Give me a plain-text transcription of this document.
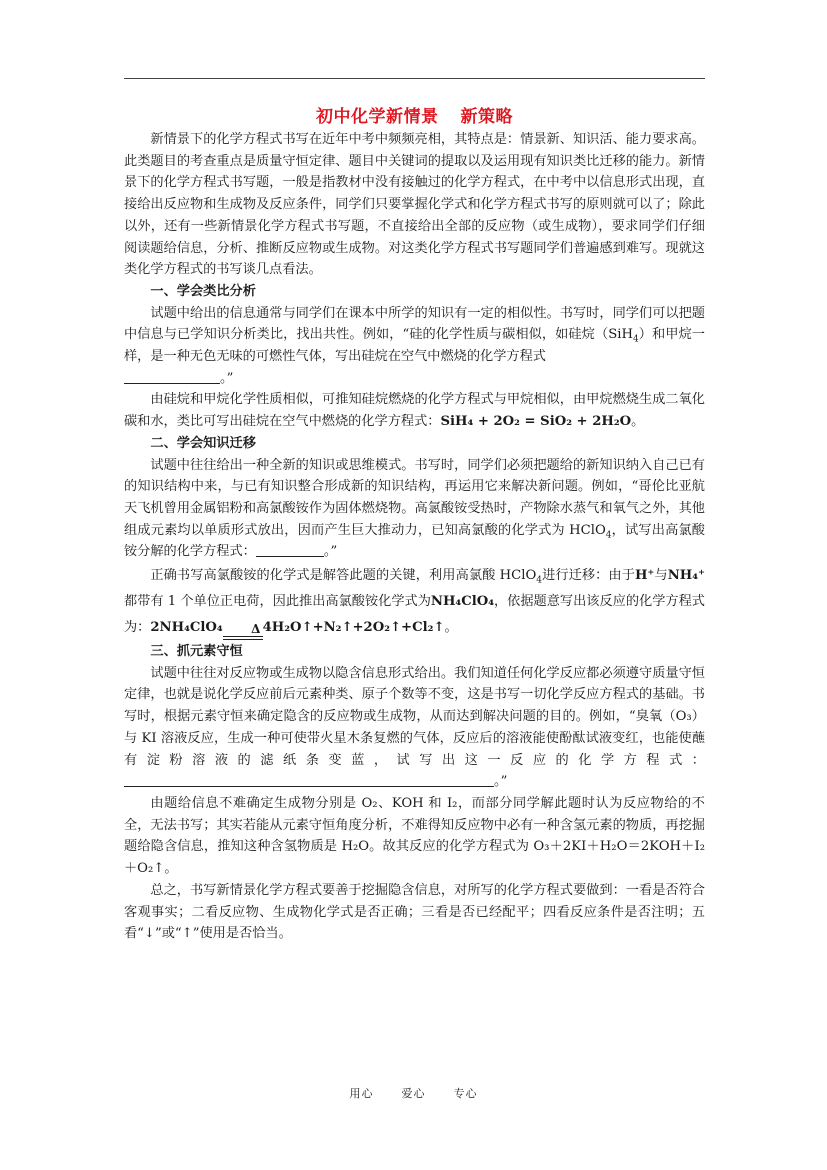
初中化学新情景 新策略

新情景下的化学方程式书写在近年中考中频频亮相，其特点是：情景新、知识活、能力要求高。此类题目的考查重点是质量守恒定律、题目中关键词的提取以及运用现有知识类比迁移的能力。新情景下的化学方程式书写题，一般是指教材中没有接触过的化学方程式，在中考中以信息形式出现，直接给出反应物和生成物及反应条件，同学们只要掌握化学式和化学方程式书写的原则就可以了；除此以外，还有一些新情景化学方程式书写题，不直接给出全部的反应物（或生成物），要求同学们仔细阅读题给信息，分析、推断反应物或生成物。对这类化学方程式书写题同学们普遍感到难写。现就这类化学方程式的书写谈几点看法。

一、学会类比分析

试题中给出的信息通常与同学们在课本中所学的知识有一定的相似性。书写时，同学们可以把题中信息与已学知识分析类比，找出共性。例如，“硅的化学性质与碳相似，如硅烷（SiH$_4$）和甲烷一样，是一种无色无味的可燃性气体，写出硅烷在空气中燃烧的化学方程式
。”

由硅烷和甲烷化学性质相似，可推知硅烷燃烧的化学方程式与甲烷相似，由甲烷燃烧生成二氧化碳和水，类比可写出硅烷在空气中燃烧的化学方程式：SiH₄ + 2O₂ = SiO₂ + 2H₂O。

二、学会知识迁移

试题中往往给出一种全新的知识或思维模式。书写时，同学们必须把题给的新知识纳入自己已有的知识结构中来，与已有知识整合形成新的知识结构，再运用它来解决新问题。例如，“哥伦比亚航天飞机曾用金属铝粉和高氯酸铵作为固体燃烧物。高氯酸铵受热时，产物除水蒸气和氧气之外，其他组成元素均以单质形式放出，因而产生巨大推动力，已知高氯酸的化学式为 HClO$_4$，试写出高氯酸铵分解的化学方程式：	。”

正确书写高氯酸铵的化学式是解答此题的关键，利用高氯酸 HClO$_4$进行迁移：由于H⁺与NH₄⁺都带有 1 个单位正电荷，因此推出高氯酸铵化学式为NH₄ClO₄，依据题意写出该反应的化学方程式为：2NH₄ClO₄	Δ 4H₂O↑+N₂↑+2O₂↑+Cl₂↑。

三、抓元素守恒

试题中往往对反应物或生成物以隐含信息形式给出。我们知道任何化学反应都必须遵守质量守恒定律，也就是说化学反应前后元素种类、原子个数等不变，这是书写一切化学反应方程式的基础。书写时，根据元素守恒来确定隐含的反应物或生成物，从而达到解决问题的目的。例如，“臭氧（O₃）与 KI 溶液反应，生成一种可使带火星木条复燃的气体，反应后的溶液能使酚酞试液变红，也能使蘸有淀粉溶液的滤纸条变蓝，试写出这一反应的化学方程式：。”

由题给信息不难确定生成物分别是 O₂、KOH 和 I₂，而部分同学解此题时认为反应物给的不全，无法书写；其实若能从元素守恒角度分析，不难得知反应物中必有一种含氢元素的物质，再挖掘题给隐含信息，推知这种含氢物质是 H₂O。故其反应的化学方程式为 O₃＋2KI＋H₂O＝2KOH＋I₂＋O₂↑。

总之，书写新情景化学方程式要善于挖掘隐含信息，对所写的化学方程式要做到：一看是否符合客观事实；二看反应物、生成物化学式是否正确；三看是否已经配平；四看反应条件是否注明；五看“↓”或“↑”使用是否恰当。

用心	爱心	专心
